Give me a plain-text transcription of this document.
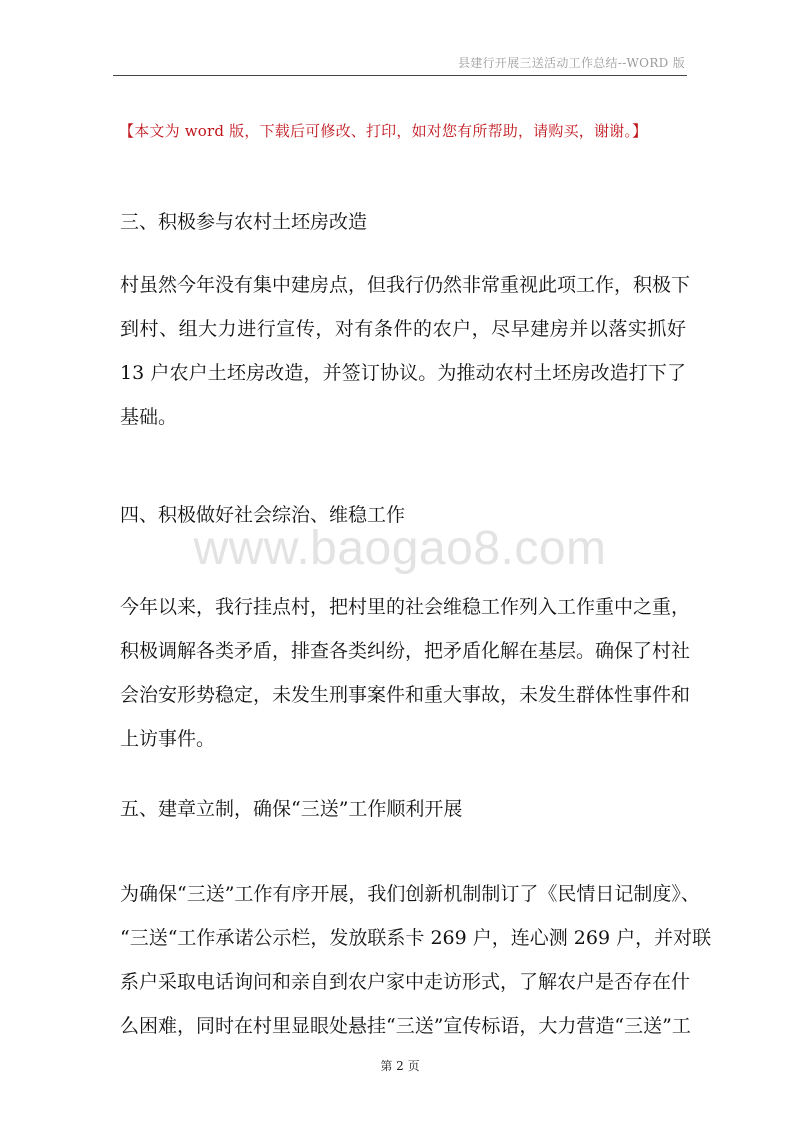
县建行开展三送活动工作总结--WORD 版
【本文为 word 版，下载后可修改、打印，如对您有所帮助，请购买，谢谢。】
www.baogao8.com
三、积极参与农村土坯房改造

村虽然今年没有集中建房点，但我行仍然非常重视此项工作，积极下
到村、组大力进行宣传，对有条件的农户，尽早建房并以落实抓好
13 户农户土坯房改造，并签订协议。为推动农村土坯房改造打下了
基础。

四、积极做好社会综治、维稳工作

今年以来，我行挂点村，把村里的社会维稳工作列入工作重中之重，
积极调解各类矛盾，排查各类纠纷，把矛盾化解在基层。确保了村社
会治安形势稳定，未发生刑事案件和重大事故，未发生群体性事件和
上访事件。

五、建章立制，确保“三送”工作顺利开展

为确保“三送”工作有序开展，我们创新机制制订了《民情日记制度》、
“三送“工作承诺公示栏，发放联系卡 269 户，连心测 269 户，并对联
系户采取电话询问和亲自到农户家中走访形式，了解农户是否存在什
么困难，同时在村里显眼处悬挂“三送”宣传标语，大力营造“三送”工

第 2 页
